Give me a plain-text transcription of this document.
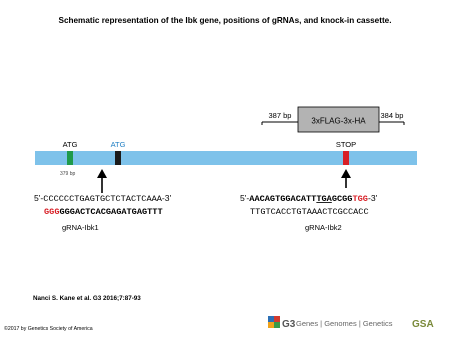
Schematic representation of the Ibk gene, positions of gRNAs, and knock-in cassette.
3xFLAG-3x-HA
387 bp	384 bp
ATG	ATG	STOP
379 bp
5'-CCCCCCTGAGTGCTCTACTCAAA-3'
GGGGGGACTCACGAGATGAGTTT
gRNA-Ibk1
5'-AACAGTGGACATTTGAGCGGTGG-3'
TTGTCACCTGTAAACTCGCCACC
gRNA-Ibk2
G3 Genes | Genomes | Genetics GSA
Nanci S. Kane et al. G3 2016;7:87-93
©2017 by Genetics Society of America
